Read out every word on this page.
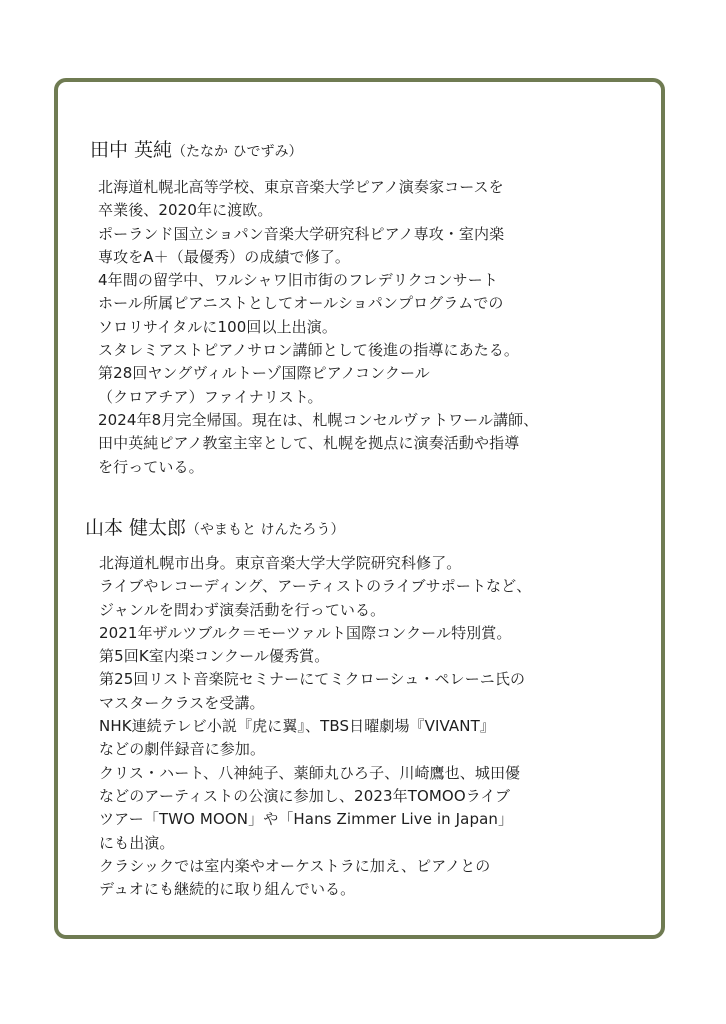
田中 英純（たなか ひでずみ）
北海道札幌北高等学校、東京音楽大学ピアノ演奏家コースを
卒業後、2020年に渡欧。
ポーランド国立ショパン音楽大学研究科ピアノ専攻・室内楽
専攻をA＋（最優秀）の成績で修了。
4年間の留学中、ワルシャワ旧市街のフレデリクコンサート
ホール所属ピアニストとしてオールショパンプログラムでの
ソロリサイタルに100回以上出演。
スタレミアストピアノサロン講師として後進の指導にあたる。
第28回ヤングヴィルトーゾ国際ピアノコンクール
（クロアチア）ファイナリスト。
2024年8月完全帰国。現在は、札幌コンセルヴァトワール講師、
田中英純ピアノ教室主宰として、札幌を拠点に演奏活動や指導
を行っている。
山本 健太郎（やまもと けんたろう）
北海道札幌市出身。東京音楽大学大学院研究科修了。
ライブやレコーディング、アーティストのライブサポートなど、
ジャンルを問わず演奏活動を行っている。
2021年ザルツブルク＝モーツァルト国際コンクール特別賞。
第5回K室内楽コンクール優秀賞。
第25回リスト音楽院セミナーにてミクローシュ・ペレーニ氏の
マスタークラスを受講。
NHK連続テレビ小説『虎に翼』、TBS日曜劇場『VIVANT』
などの劇伴録音に参加。
クリス・ハート、八神純子、薬師丸ひろ子、川崎鷹也、城田優
などのアーティストの公演に参加し、2023年TOMOOライブ
ツアー「TWO MOON」や「Hans Zimmer Live in Japan」
にも出演。
クラシックでは室内楽やオーケストラに加え、ピアノとの
デュオにも継続的に取り組んでいる。
